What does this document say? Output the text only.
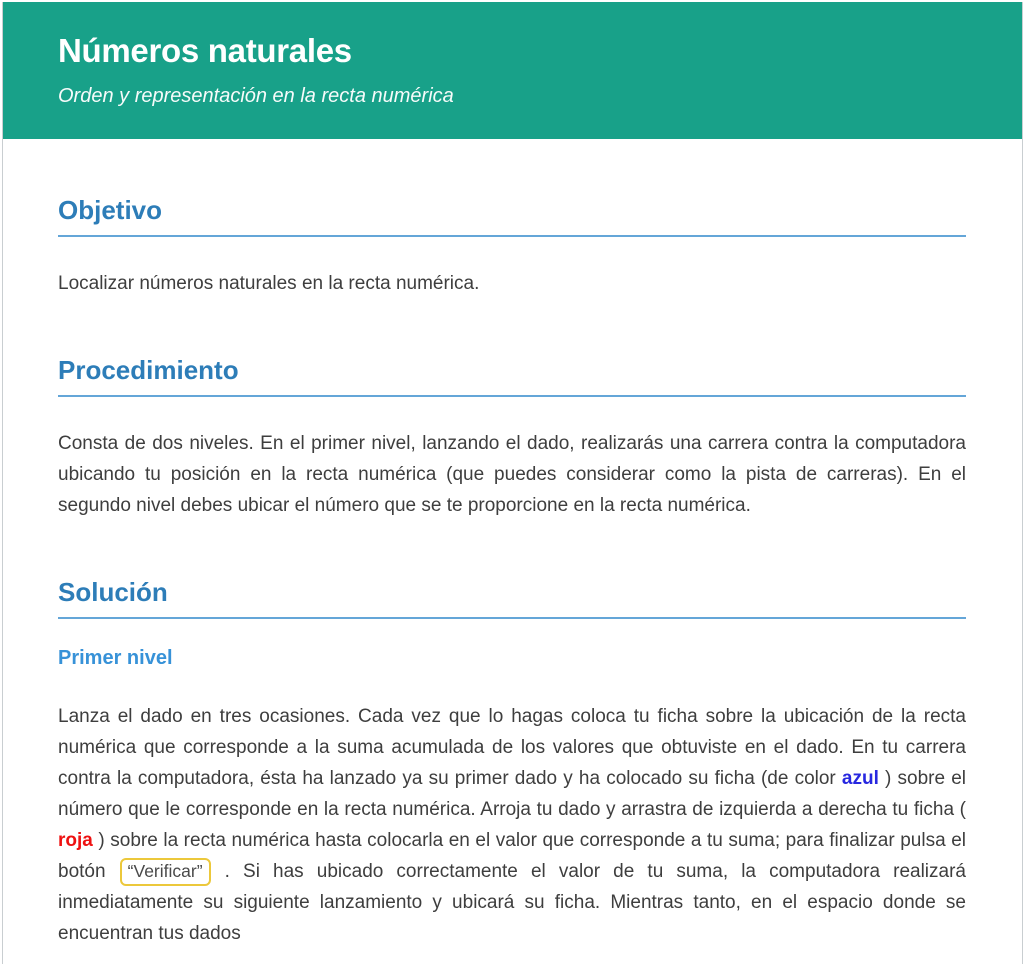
Números naturales

Orden y representación en la recta numérica

Objetivo

Localizar números naturales en la recta numérica.

Procedimiento

Consta de dos niveles. En el primer nivel, lanzando el dado, realizarás una carrera contra la computadora ubicando tu posición en la recta numérica (que puedes considerar como la pista de carreras). En el segundo nivel debes ubicar el número que se te proporcione en la recta numérica.

Solución
Primer nivel

Lanza el dado en tres ocasiones. Cada vez que lo hagas coloca tu ficha sobre la ubicación de la recta numérica que corresponde a la suma acumulada de los valores que obtuviste en el dado. En tu carrera contra la computadora, ésta ha lanzado ya su primer dado y ha colocado su ficha (de color azul ) sobre el número que le corresponde en la recta numérica. Arroja tu dado y arrastra de izquierda a derecha tu ficha ( roja ) sobre la recta numérica hasta colocarla en el valor que corresponde a tu suma; para finalizar pulsa el botón “Verificar” . Si has ubicado correctamente el valor de tu suma, la computadora realizará inmediatamente su siguiente lanzamiento y ubicará su ficha. Mientras tanto, en el espacio donde se encuentran tus dados
